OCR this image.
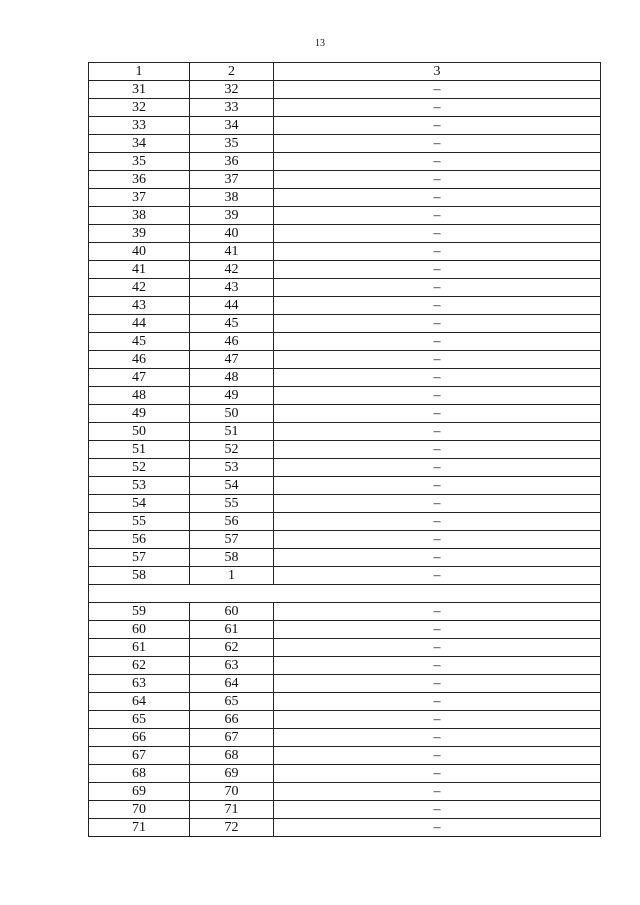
13
1	2	3
31	32	–
32	33	–
33	34	–
34	35	–
35	36	–
36	37	–
37	38	–
38	39	–
39	40	–
40	41	–
41	42	–
42	43	–
43	44	–
44	45	–
45	46	–
46	47	–
47	48	–
48	49	–
49	50	–
50	51	–
51	52	–
52	53	–
53	54	–
54	55	–
55	56	–
56	57	–
57	58	–
58	1	–

59	60	–
60	61	–
61	62	–
62	63	–
63	64	–
64	65	–
65	66	–
66	67	–
67	68	–
68	69	–
69	70	–
70	71	–
71	72	–
